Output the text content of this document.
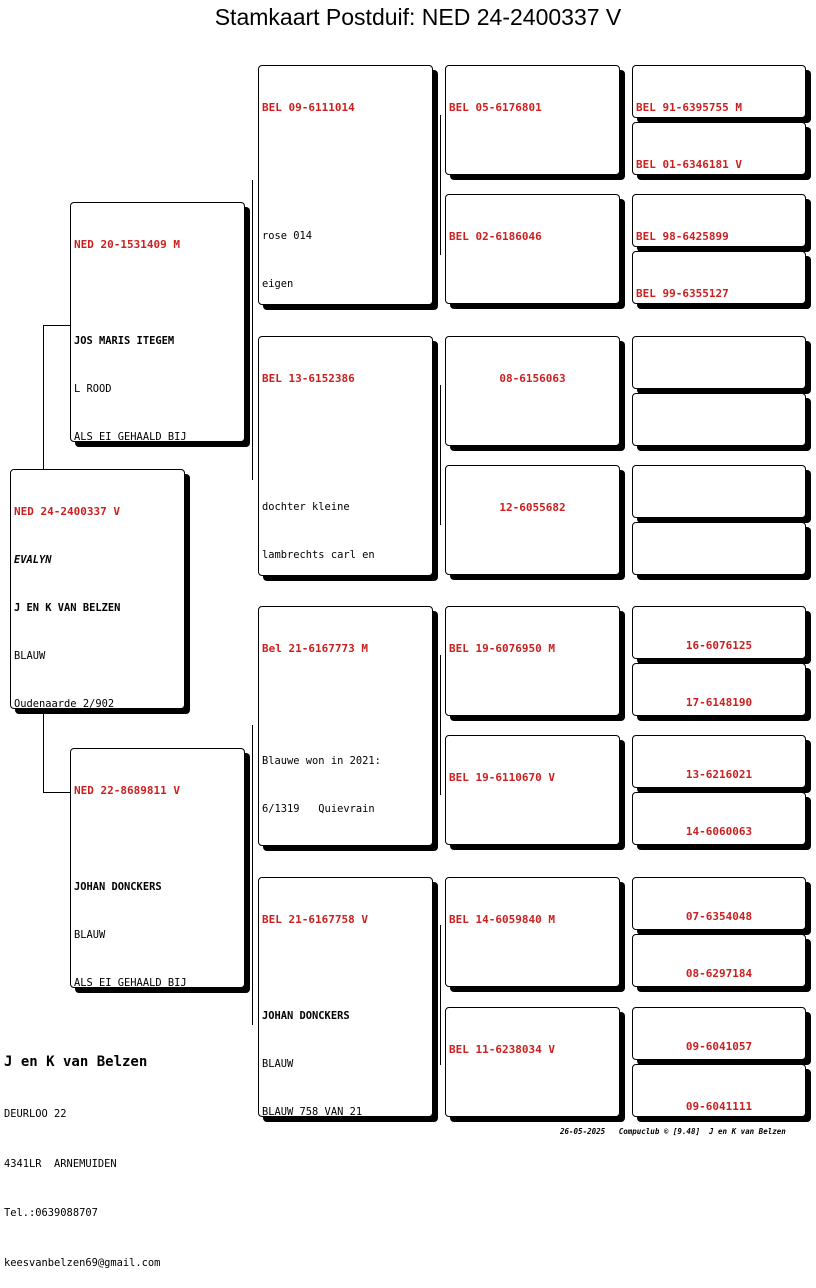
Stamkaart Postduif: NED 24-2400337 V

NED 24-2400337 V

EVALYN

J EN K VAN BELZEN

BLAUW

Oudenaarde 2/902

NED 20-1531409 M

JOS MARIS ITEGEM

L ROOD

ALS EI GEHAALD BIJ

NED 22-8689811 V

JOHAN DONCKERS

BLAUW

ALS EI GEHAALD BIJ

BEL 09-6111014

rose 014

eigen

BEL 13-6152386

dochter kleine

lambrechts carl en

Bel 21-6167773 M

Blauwe won in 2021:

6/1319   Quievrain

BEL 21-6167758 V

JOHAN DONCKERS

BLAUW

BLAUW 758 VAN 21

BEL 05-6176801

BEL 02-6186046

08-6156063

12-6055682

BEL 19-6076950 M

BEL 19-6110670 V

BEL 14-6059840 M

BEL 11-6238034 V

BEL 91-6395755 M

BEL 01-6346181 V

BEL 98-6425899

BEL 99-6355127

16-6076125

17-6148190

13-6216021

14-6060063

07-6354048

08-6297184

09-6041057

09-6041111

J en K van Belzen

DEURLOO 22

4341LR  ARNEMUIDEN

Tel.:0639088707

keesvanbelzen69@gmail.com

26-05-2025   Compuclub © [9.48]  J en K van Belzen
